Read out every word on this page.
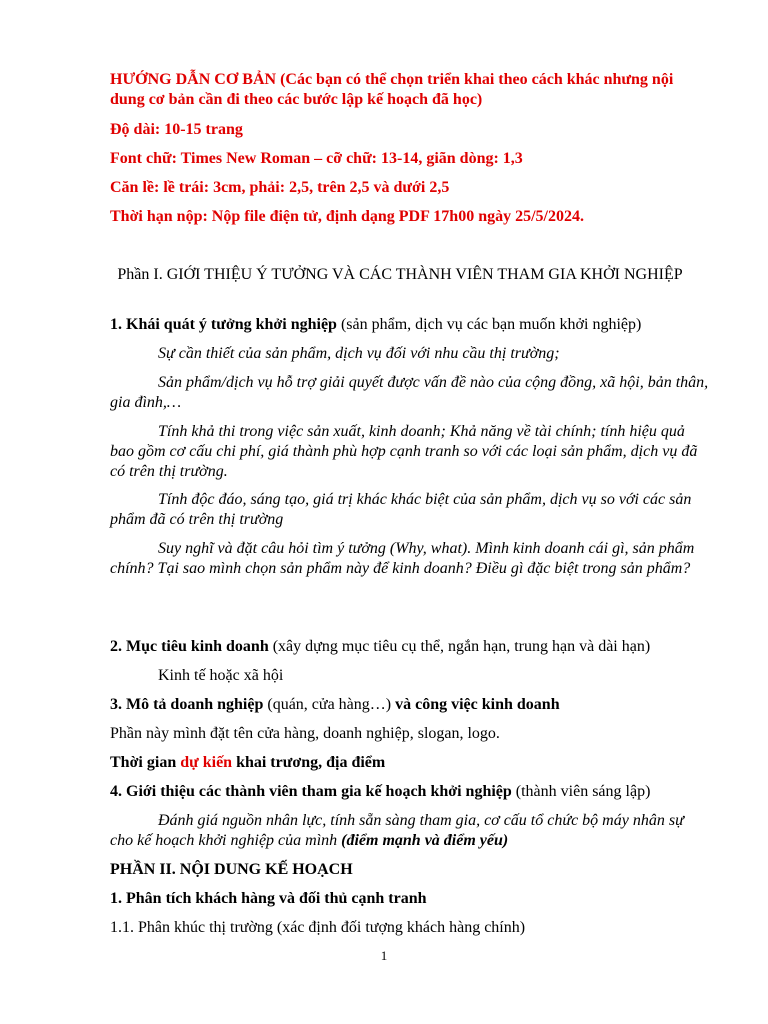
HƯỚNG DẪN CƠ BẢN (Các bạn có thể chọn triển khai theo cách khác nhưng nội dung cơ bản cần đi theo các bước lập kế hoạch đã học)

Độ dài: 10-15 trang

Font chữ: Times New Roman – cỡ chữ: 13-14, giãn dòng: 1,3

Căn lề: lề trái: 3cm, phải: 2,5, trên 2,5 và dưới 2,5

Thời hạn nộp: Nộp file điện tử, định dạng PDF 17h00 ngày 25/5/2024.

Phần I. GIỚI THIỆU Ý TƯỞNG VÀ CÁC THÀNH VIÊN THAM GIA KHỞI NGHIỆP

1. Khái quát ý tưởng khởi nghiệp (sản phẩm, dịch vụ các bạn muốn khởi nghiệp)

Sự cần thiết của sản phẩm, dịch vụ đối với nhu cầu thị trường;

Sản phẩm/dịch vụ hỗ trợ giải quyết được vấn đề nào của cộng đồng, xã hội, bản thân, gia đình,…

Tính khả thi trong việc sản xuất, kinh doanh; Khả năng về tài chính; tính hiệu quả bao gồm cơ cấu chi phí, giá thành phù hợp cạnh tranh so với các loại sản phẩm, dịch vụ đã có trên thị trường.

Tính độc đáo, sáng tạo, giá trị khác khác biệt của sản phẩm, dịch vụ so với các sản phẩm đã có trên thị trường

Suy nghĩ và đặt câu hỏi tìm ý tưởng (Why, what). Mình kinh doanh cái gì, sản phẩm chính? Tại sao mình chọn sản phẩm này để kinh doanh? Điều gì đặc biệt trong sản phẩm?

2. Mục tiêu kinh doanh (xây dựng mục tiêu cụ thể, ngắn hạn, trung hạn và dài hạn)

Kinh tế hoặc xã hội

3. Mô tả doanh nghiệp (quán, cửa hàng…) và công việc kinh doanh

Phần này mình đặt tên cửa hàng, doanh nghiệp, slogan, logo.

Thời gian dự kiến khai trương, địa điểm

4. Giới thiệu các thành viên tham gia kế hoạch khởi nghiệp (thành viên sáng lập)

Đánh giá nguồn nhân lực, tính sẵn sàng tham gia, cơ cấu tổ chức bộ máy nhân sự cho kế hoạch khởi nghiệp của mình (điểm mạnh và điểm yếu)

PHẦN II. NỘI DUNG KẾ HOẠCH

1. Phân tích khách hàng và đối thủ cạnh tranh

1.1. Phân khúc thị trường (xác định đối tượng khách hàng chính)

1
